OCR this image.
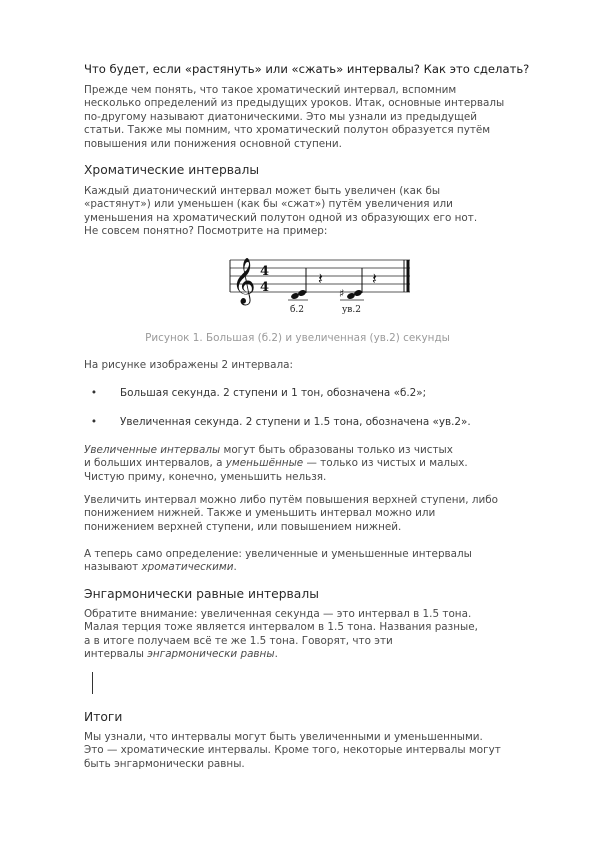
Что будет, если «растянуть» или «сжать» интервалы? Как это сделать?

Прежде чем понять, что такое хроматический интервал, вспомним
несколько определений из предыдущих уроков. Итак, основные интервалы
по-другому называют диатоническими. Это мы узнали из предыдущей
статьи. Также мы помним, что хроматический полутон образуется путём
повышения или понижения основной ступени.

Хроматические интервалы

Каждый диатонический интервал может быть увеличен (как бы
«растянут») или уменьшен (как бы «сжат») путём увеличения или
уменьшения на хроматический полутон одной из образующих его нот.
Не совсем понятно? Посмотрите на пример:

𝄞 4
4	𝄽
♯
𝄽
б.2	ув.2
Рисунок 1. Большая (б.2) и увеличенная (ув.2) секунды
На рисунке изображены 2 интервала:
•	Большая секунда. 2 ступени и 1 тон, обозначена «б.2»;
•	Увеличенная секунда. 2 ступени и 1.5 тона, обозначена «ув.2».

Увеличенные интервалы могут быть образованы только из чистых
и больших интервалов, а уменьшённые — только из чистых и малых.
Чистую приму, конечно, уменьшить нельзя.

Увеличить интервал можно либо путём повышения верхней ступени, либо
понижением нижней. Также и уменьшить интервал можно или
понижением верхней ступени, или повышением нижней.

А теперь само определение: увеличенные и уменьшенные интервалы
называют хроматическими.

Энгармонически равные интервалы

Обратите внимание: увеличенная секунда — это интервал в 1.5 тона.
Малая терция тоже является интервалом в 1.5 тона. Названия разные,
а в итоге получаем всё те же 1.5 тона. Говорят, что эти
интервалы энгармонически равны.

Итоги

Мы узнали, что интервалы могут быть увеличенными и уменьшенными.
Это — хроматические интервалы. Кроме того, некоторые интервалы могут
быть энгармонически равны.
